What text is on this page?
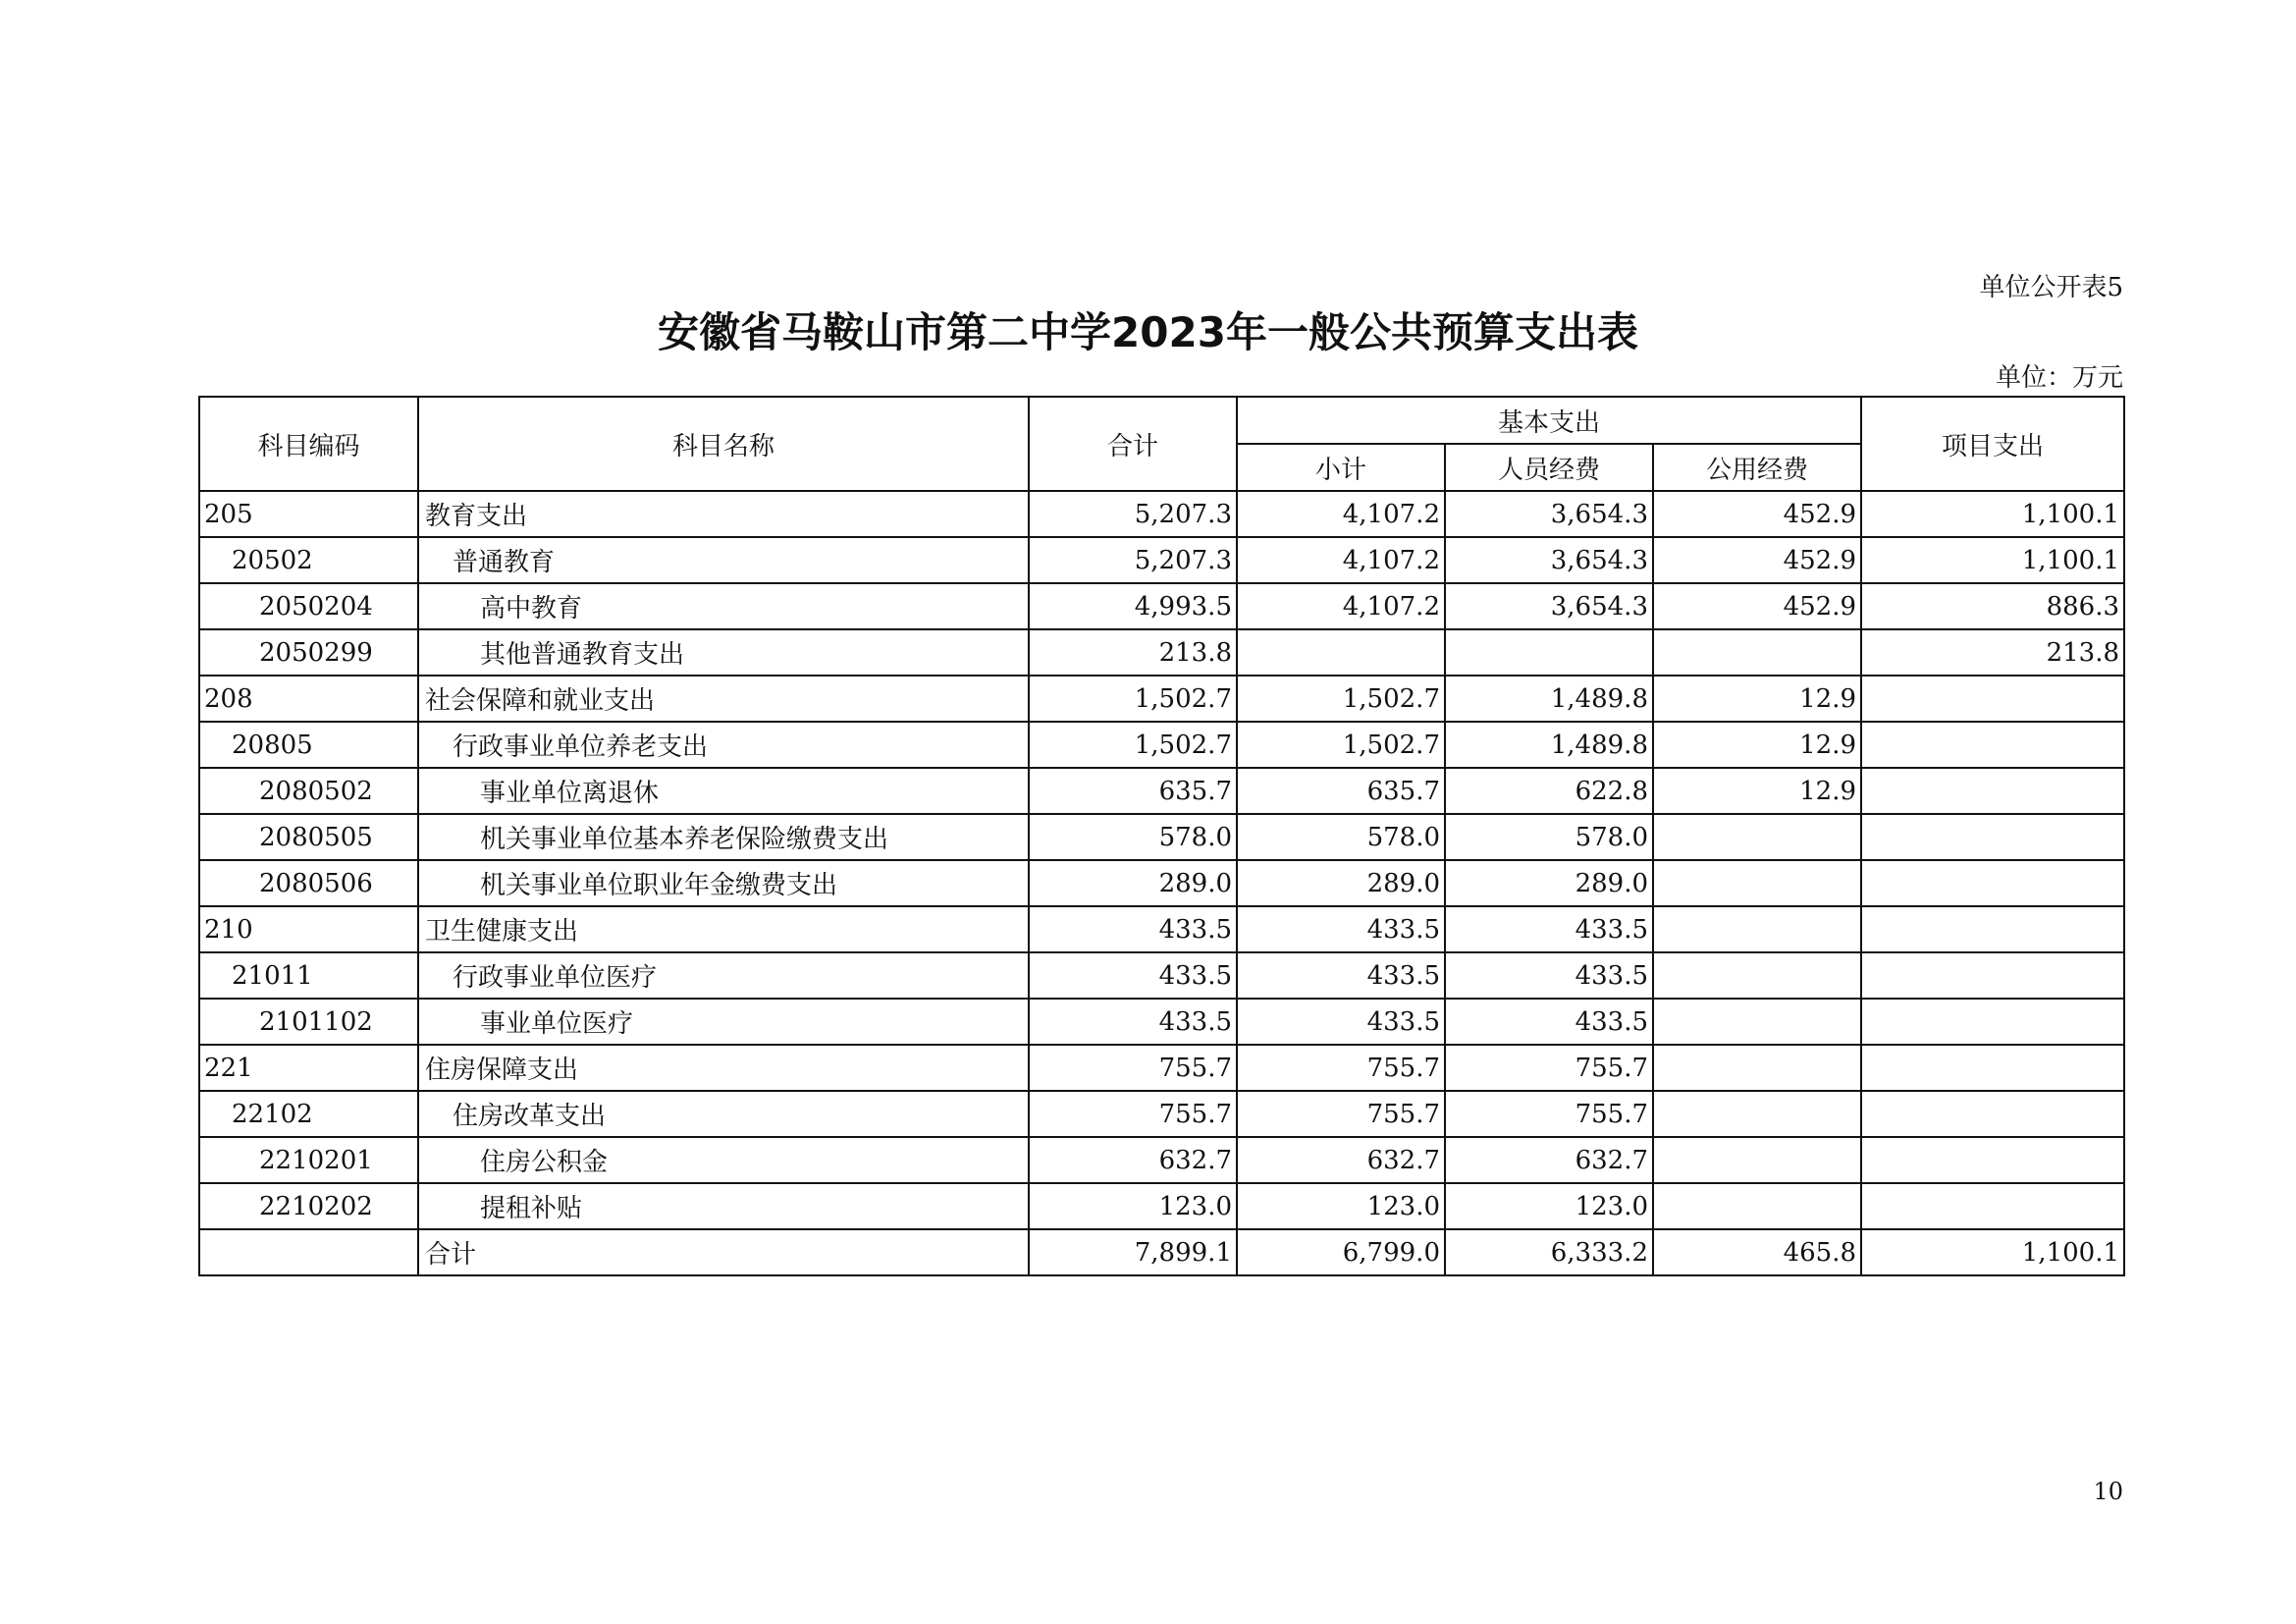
单位公开表5
安徽省马鞍山市第二中学2023年一般公共预算支出表
单位：万元
科目编码	科目名称	合计	基本支出			项目支出
			小计	人员经费	公用经费	
205	教育支出	5,207.3	4,107.2	3,654.3	452.9	1,100.1
20502	普通教育	5,207.3	4,107.2	3,654.3	452.9	1,100.1
2050204	高中教育	4,993.5	4,107.2	3,654.3	452.9	886.3
2050299	其他普通教育支出	213.8				213.8
208	社会保障和就业支出	1,502.7	1,502.7	1,489.8	12.9	
20805	行政事业单位养老支出	1,502.7	1,502.7	1,489.8	12.9	
2080502	事业单位离退休	635.7	635.7	622.8	12.9	
2080505	机关事业单位基本养老保险缴费支出	578.0	578.0	578.0		
2080506	机关事业单位职业年金缴费支出	289.0	289.0	289.0		
210	卫生健康支出	433.5	433.5	433.5		
21011	行政事业单位医疗	433.5	433.5	433.5		
2101102	事业单位医疗	433.5	433.5	433.5		
221	住房保障支出	755.7	755.7	755.7		
22102	住房改革支出	755.7	755.7	755.7		
2210201	住房公积金	632.7	632.7	632.7		
2210202	提租补贴	123.0	123.0	123.0		
	合计	7,899.1	6,799.0	6,333.2	465.8	1,100.1
10
